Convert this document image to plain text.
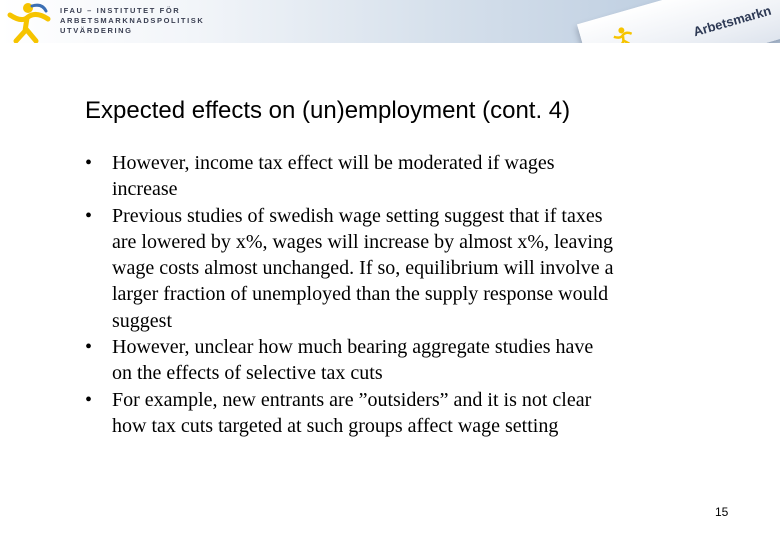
IFAU – INSTITUTET FÖR
ARBETSMARKNADSPOLITISK
UTVÄRDERING	Arbetsmarkn
Expected effects on (un)employment (cont. 4)
• However, income tax effect will be moderated if wages

increase

• Previous studies of swedish wage setting suggest that if taxes

are lowered by x%, wages will increase by almost x%, leaving

wage costs almost unchanged. If so, equilibrium will involve a

larger fraction of unemployed than the supply response would

suggest

• However, unclear how much bearing aggregate studies have

on the effects of selective tax cuts

• For example, new entrants are ”outsiders” and it is not clear

how tax cuts targeted at such groups affect wage setting

15
